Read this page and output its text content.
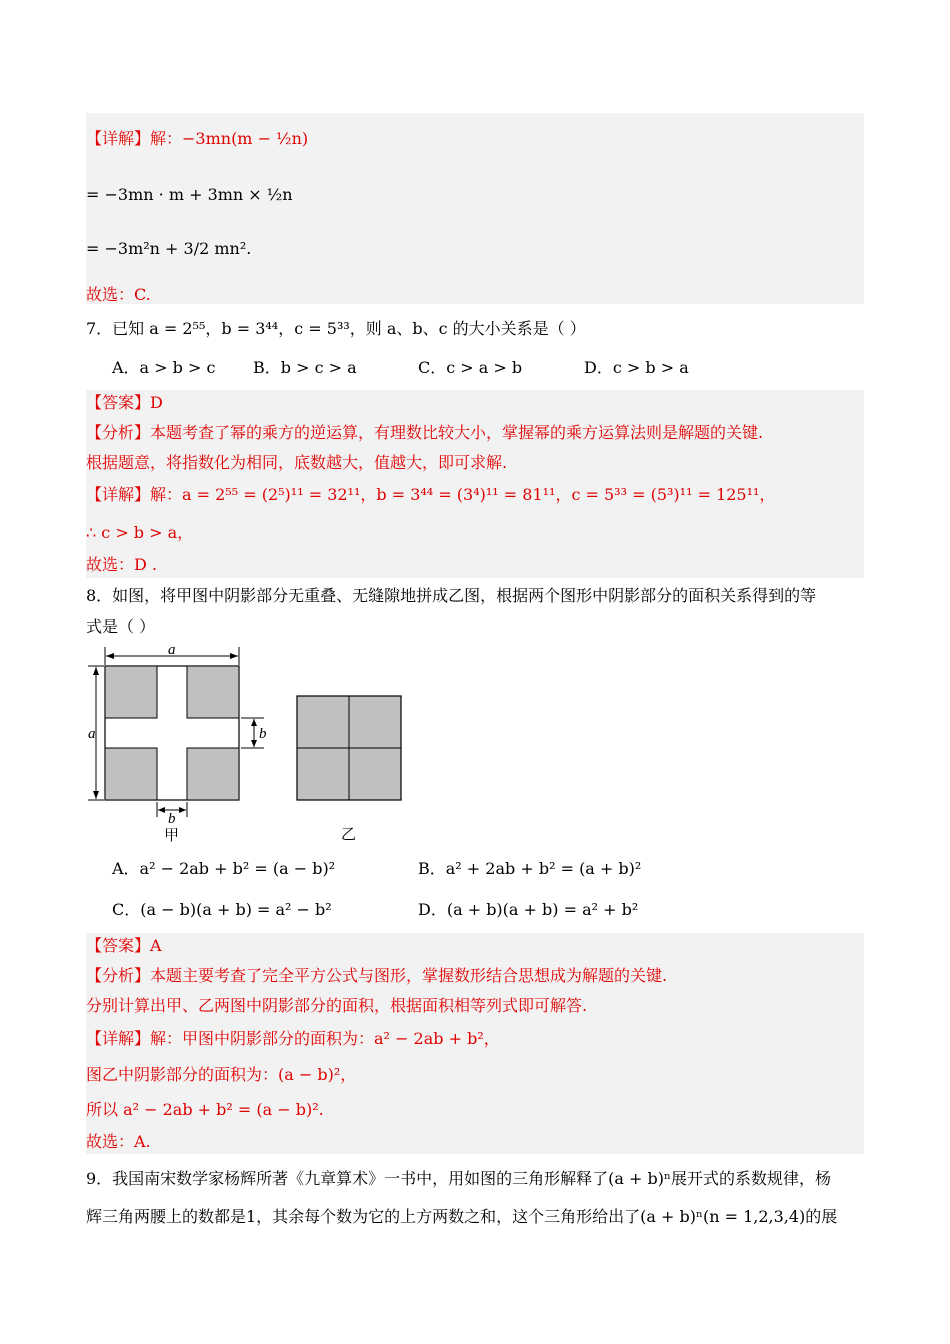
【详解】解：−3mn(m − ½n)
= −3mn · m + 3mn × ½n
= −3m²n + 3/2 mn².
故选：C.
7．已知 a = 2⁵⁵，b = 3⁴⁴，c = 5³³，则 a、b、c 的大小关系是（ ）
A．a > b > c B．b > c > a	C．c > a > b	D．c > b > a
【答案】D
【分析】本题考查了幂的乘方的逆运算，有理数比较大小，掌握幂的乘方运算法则是解题的关键.
根据题意，将指数化为相同，底数越大，值越大，即可求解.
【详解】解：a = 2⁵⁵ = (2⁵)¹¹ = 32¹¹，b = 3⁴⁴ = (3⁴)¹¹ = 81¹¹，c = 5³³ = (5³)¹¹ = 125¹¹，
∴ c > b > a，
故选：D .
8．如图，将甲图中阴影部分无重叠、无缝隙地拼成乙图，根据两个图形中阴影部分的面积关系得到的等
式是（ ）
a
a	b
b
甲	乙
A．a² − 2ab + b² = (a − b)²	B．a² + 2ab + b² = (a + b)²
C．(a − b)(a + b) = a² − b²	D．(a + b)(a + b) = a² + b²
【答案】A
【分析】本题主要考查了完全平方公式与图形，掌握数形结合思想成为解题的关键.
分别计算出甲、乙两图中阴影部分的面积，根据面积相等列式即可解答.
【详解】解：甲图中阴影部分的面积为：a² − 2ab + b²，
图乙中阴影部分的面积为：(a − b)²，
所以 a² − 2ab + b² = (a − b)².
故选：A.
9．我国南宋数学家杨辉所著《九章算术》一书中，用如图的三角形解释了(a + b)ⁿ展开式的系数规律，杨
辉三角两腰上的数都是1，其余每个数为它的上方两数之和，这个三角形给出了(a + b)ⁿ(n = 1,2,3,4)的展
